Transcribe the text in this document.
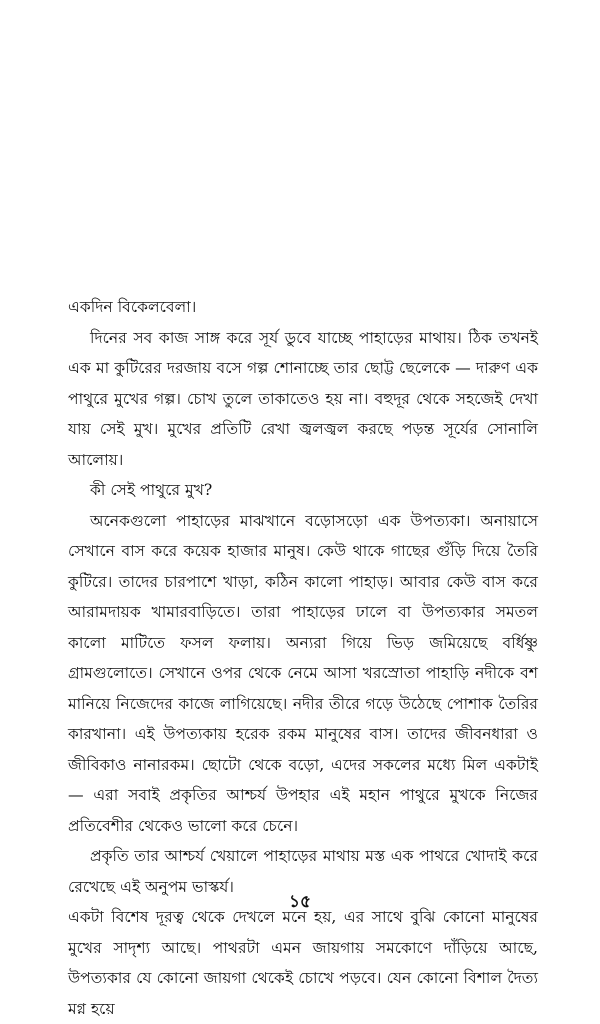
একদিন বিকেলবেলা।

দিনের সব কাজ সাঙ্গ করে সূর্য ডুবে যাচ্ছে পাহাড়ের মাথায়। ঠিক তখনই এক মা কুটিরের দরজায় বসে গল্প শোনাচ্ছে তার ছোট্ট ছেলেকে — দারুণ এক পাথুরে মুখের গল্প। চোখ তুলে তাকাতেও হয় না। বহুদূর থেকে সহজেই দেখা যায় সেই মুখ। মুখের প্রতিটি রেখা জ্বলজ্বল করছে পড়ন্ত সূর্যের সোনালি আলোয়।

কী সেই পাথুরে মুখ?

অনেকগুলো পাহাড়ের মাঝখানে বড়োসড়ো এক উপত্যকা। অনায়াসে সেখানে বাস করে কয়েক হাজার মানুষ। কেউ থাকে গাছের গুঁড়ি দিয়ে তৈরি কুটিরে। তাদের চারপাশে খাড়া, কঠিন কালো পাহাড়। আবার কেউ বাস করে আরামদায়ক খামারবাড়িতে। তারা পাহাড়ের ঢালে বা উপত্যকার সমতল কালো মাটিতে ফসল ফলায়। অন্যরা গিয়ে ভিড় জমিয়েছে বর্ধিষ্ণু গ্রামগুলোতে। সেখানে ওপর থেকে নেমে আসা খরস্রোতা পাহাড়ি নদীকে বশ মানিয়ে নিজেদের কাজে লাগিয়েছে। নদীর তীরে গড়ে উঠেছে পোশাক তৈরির কারখানা। এই উপত্যকায় হরেক রকম মানুষের বাস। তাদের জীবনধারা ও জীবিকাও নানারকম। ছোটো থেকে বড়ো, এদের সকলের মধ্যে মিল একটাই — এরা সবাই প্রকৃতির আশ্চর্য উপহার এই মহান পাথুরে মুখকে নিজের প্রতিবেশীর থেকেও ভালো করে চেনে।

প্রকৃতি তার আশ্চর্য খেয়ালে পাহাড়ের মাথায় মস্ত এক পাথরে খোদাই করে রেখেছে এই অনুপম ভাস্কর্য।

একটা বিশেষ দূরত্ব থেকে দেখলে মনে হয়, এর সাথে বুঝি কোনো মানুষের মুখের সাদৃশ্য আছে। পাথরটা এমন জায়গায় সমকোণে দাঁড়িয়ে আছে, উপত্যকার যে কোনো জায়গা থেকেই চোখে পড়বে। যেন কোনো বিশাল দৈত্য মগ্ন হয়ে

১৫
